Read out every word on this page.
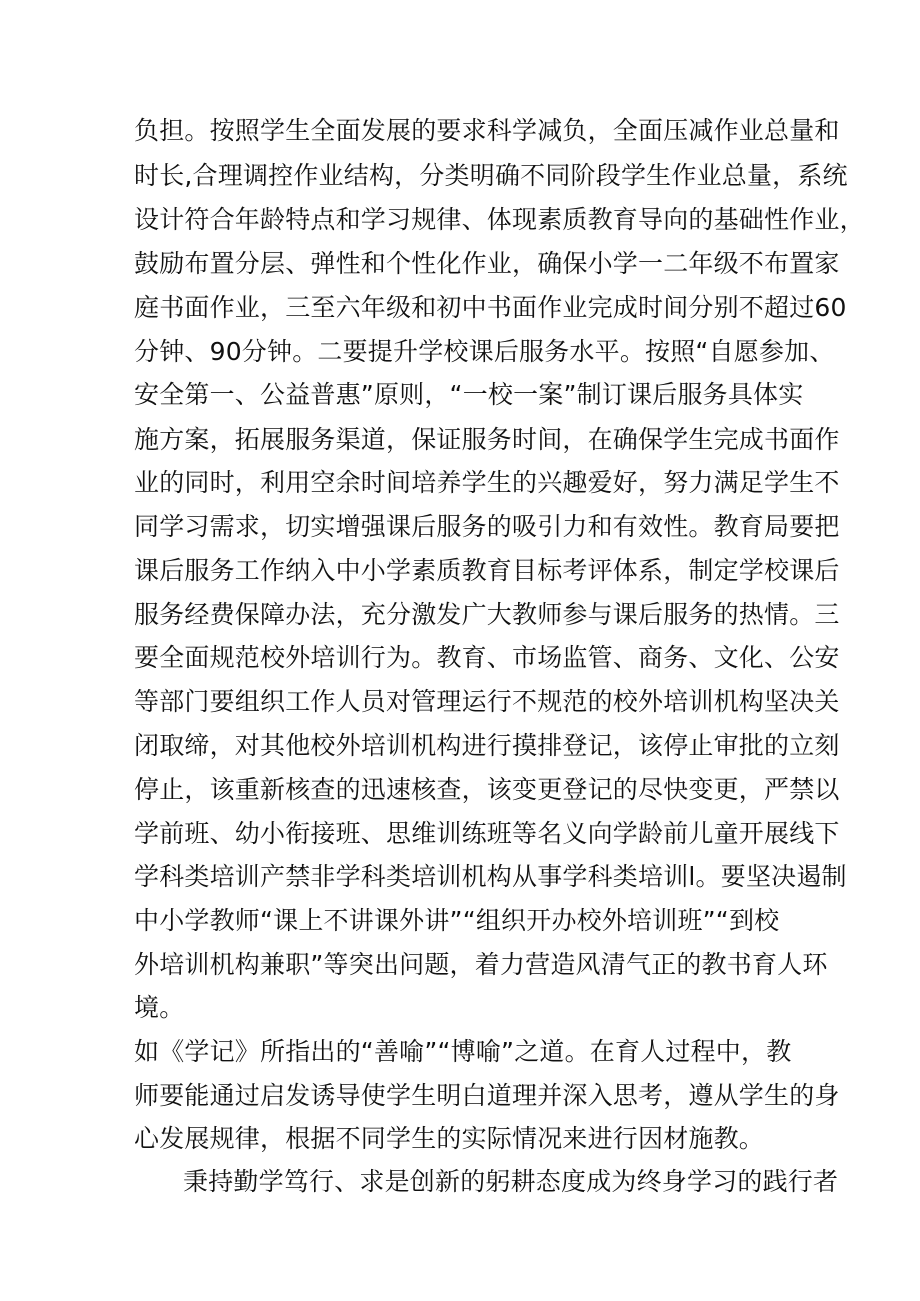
负担。按照学生全面发展的要求科学减负，全面压减作业总量和
时长,合理调控作业结构，分类明确不同阶段学生作业总量，系统
设计符合年龄特点和学习规律、体现素质教育导向的基础性作业，
鼓励布置分层、弹性和个性化作业，确保小学一二年级不布置家
庭书面作业，三至六年级和初中书面作业完成时间分别不超过60
分钟、90分钟。二要提升学校课后服务水平。按照“自愿参加、
安全第一、公益普惠”原则，“一校一案”制订课后服务具体实
施方案，拓展服务渠道，保证服务时间，在确保学生完成书面作
业的同时，利用空余时间培养学生的兴趣爱好，努力满足学生不
同学习需求，切实增强课后服务的吸引力和有效性。教育局要把
课后服务工作纳入中小学素质教育目标考评体系，制定学校课后
服务经费保障办法，充分激发广大教师参与课后服务的热情。三
要全面规范校外培训行为。教育、市场监管、商务、文化、公安
等部门要组织工作人员对管理运行不规范的校外培训机构坚决关
闭取缔，对其他校外培训机构进行摸排登记，该停止审批的立刻
停止，该重新核查的迅速核查，该变更登记的尽快变更，严禁以
学前班、幼小衔接班、思维训练班等名义向学龄前儿童开展线下
学科类培训产禁非学科类培训机构从事学科类培训l。要坚决遏制
中小学教师“课上不讲课外讲”“组织开办校外培训班”“到校
外培训机构兼职”等突出问题，着力营造风清气正的教书育人环
境。
如《学记》所指出的“善喻”“博喻”之道。在育人过程中，教
师要能通过启发诱导使学生明白道理并深入思考，遵从学生的身
心发展规律，根据不同学生的实际情况来进行因材施教。
秉持勤学笃行、求是创新的躬耕态度成为终身学习的践行者
